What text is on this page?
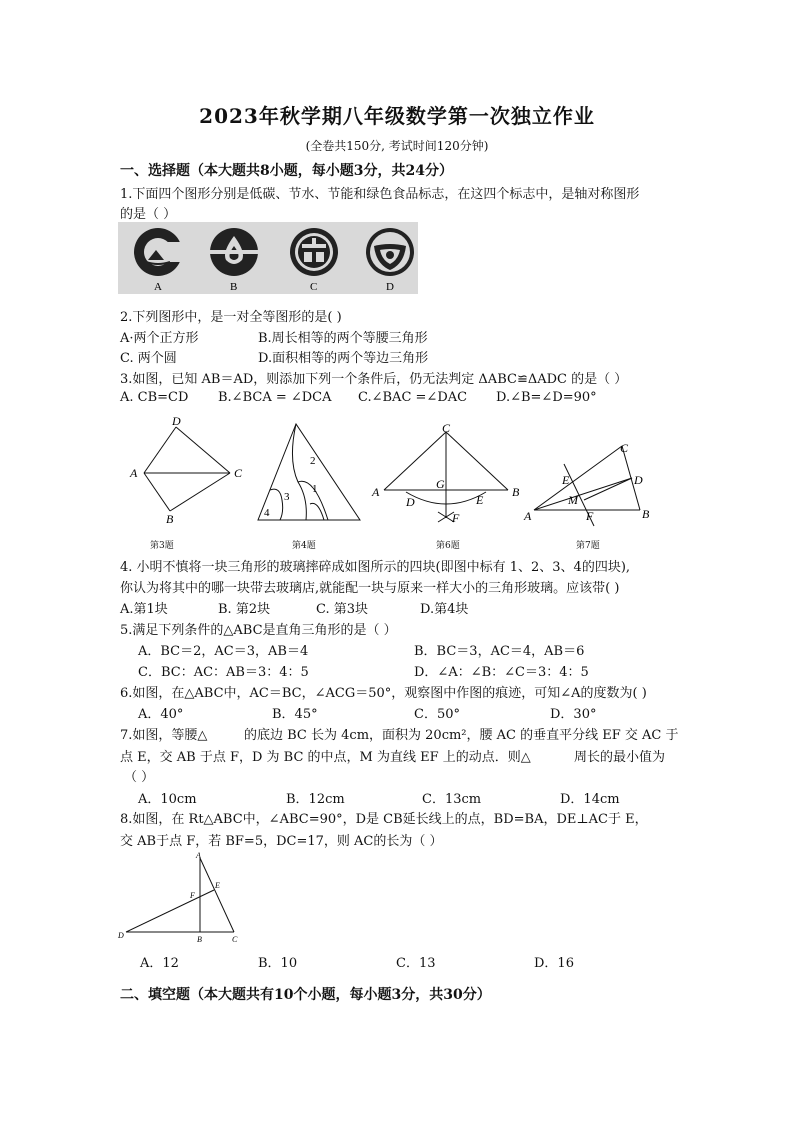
2023年秋学期八年级数学第一次独立作业
(全卷共150分, 考试时间120分钟)
一、选择题（本大题共8小题，每小题3分，共24分）
1.下面四个图形分别是低碳、节水、节能和绿色食品标志，在这四个标志中，是轴对称图形
的是（ ）
A	B	C	D
2.下列图形中，是一对全等图形的是( )
A·两个正方形	B.周长相等的两个等腰三角形
C. 两个圆	D.面积相等的两个等边三角形
3.如图，已知 AB＝AD，则添加下列一个条件后，仍无法判定 ΔABC≌ΔADC 的是（ ）
A. CB=CD B.∠BCA = ∠DCA C.∠BAC =∠DAC D.∠B=∠D=90°
D
A	C
B
第3题
1
2
3
4
第4题
C
A	B
G
D	E
F
第6题
C
E	D
M
A	F	B
第7题
4. 小明不慎将一块三角形的玻璃摔碎成如图所示的四块(即图中标有 1、2、3、4的四块),
你认为将其中的哪一块带去玻璃店,就能配一块与原来一样大小的三角形玻璃。应该带( )
A.第1块	B. 第2块	C. 第3块	D.第4块
5.满足下列条件的△ABC是直角三角形的是（ ）
A．BC＝2，AC＝3，AB＝4	B．BC＝3，AC＝4，AB＝6
C．BC：AC：AB＝3：4：5	D．∠A：∠B：∠C＝3：4：5
6.如图，在△ABC中，AC＝BC，∠ACG＝50°，观察图中作图的痕迹，可知∠A的度数为( )
A．40°	B．45°	C．50°	D．30°
7.如图，等腰△	的底边 BC 长为 4cm，面积为 20cm²，腰 AC 的垂直平分线 EF 交 AC 于
点 E，交 AB 于点 F，D 为 BC 的中点，M 为直线 EF 上的动点．则△	周长的最小值为
（ ）
A．10cm	B．12cm	C．13cm	D．14cm
8.如图，在 Rt△ABC中，∠ABC=90°，D是 CB延长线上的点，BD=BA，DE⊥AC于 E，
交 AB于点 F，若 BF=5，DC=17，则 AC的长为（ ）
A
E
F
D	B	C
A．12	B．10	C．13	D．16
二、填空题（本大题共有10个小题，每小题3分，共30分）
